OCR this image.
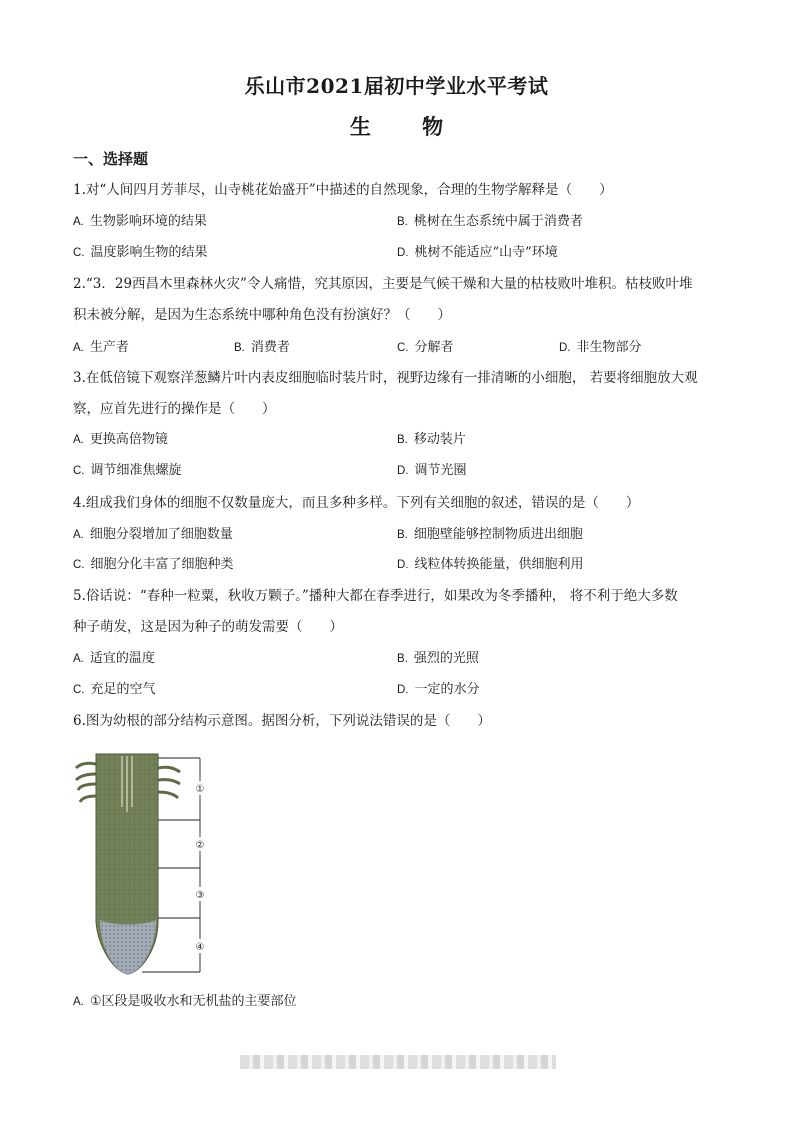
乐山市2021届初中学业水平考试
生 物
一、选择题
1.对“人间四月芳菲尽，山寺桃花始盛开”中描述的自然现象，合理的生物学解释是（　　）
A. 生物影响环境的结果	B. 桃树在生态系统中属于消费者
C. 温度影响生物的结果	D. 桃树不能适应“山寺”环境
2.“3．29西昌木里森林火灾”令人痛惜，究其原因，主要是气候干燥和大量的枯枝败叶堆积。枯枝败叶堆
积未被分解，是因为生态系统中哪种角色没有扮演好？（　　）
A. 生产者	B. 消费者	C. 分解者	D. 非生物部分
3.在低倍镜下观察洋葱鳞片叶内表皮细胞临时装片时，视野边缘有一排清晰的小细胞， 若要将细胞放大观
察，应首先进行的操作是（　　）
A. 更换高倍物镜	B. 移动装片
C. 调节细准焦螺旋	D. 调节光圈
4.组成我们身体的细胞不仅数量庞大，而且多种多样。下列有关细胞的叙述，错误的是（　　）
A. 细胞分裂增加了细胞数量	B. 细胞壁能够控制物质进出细胞
C. 细胞分化丰富了细胞种类	D. 线粒体转换能量，供细胞利用
5.俗话说：“春种一粒粟，秋收万颗子。”播种大都在春季进行，如果改为冬季播种， 将不利于绝大多数
种子萌发，这是因为种子的萌发需要（　　）
A. 适宜的温度	B. 强烈的光照
C. 充足的空气	D. 一定的水分
6.图为幼根的部分结构示意图。据图分析，下列说法错误的是（　　）
①
②
③
④
A. ①区段是吸收水和无机盐的主要部位
